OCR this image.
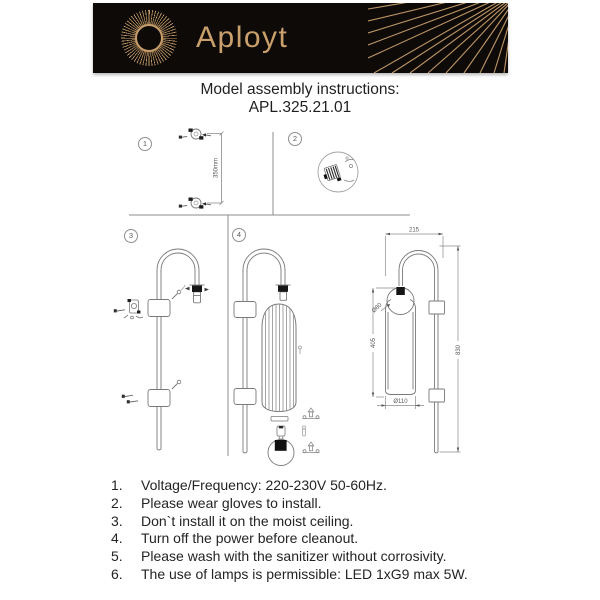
Aployt
Model assembly instructions:
APL.325.21.01
1
2
3	4
350mm
215
830
405
Ø80
Ø110
1.	Voltage/Frequency: 220-230V 50-60Hz.
2.	Please wear gloves to install.
3.	Don`t install it on the moist ceiling.
4.	Turn off the power before cleanout.
5.	Please wash with the sanitizer without corrosivity.
6.	The use of lamps is permissible: LED 1xG9 max 5W.
